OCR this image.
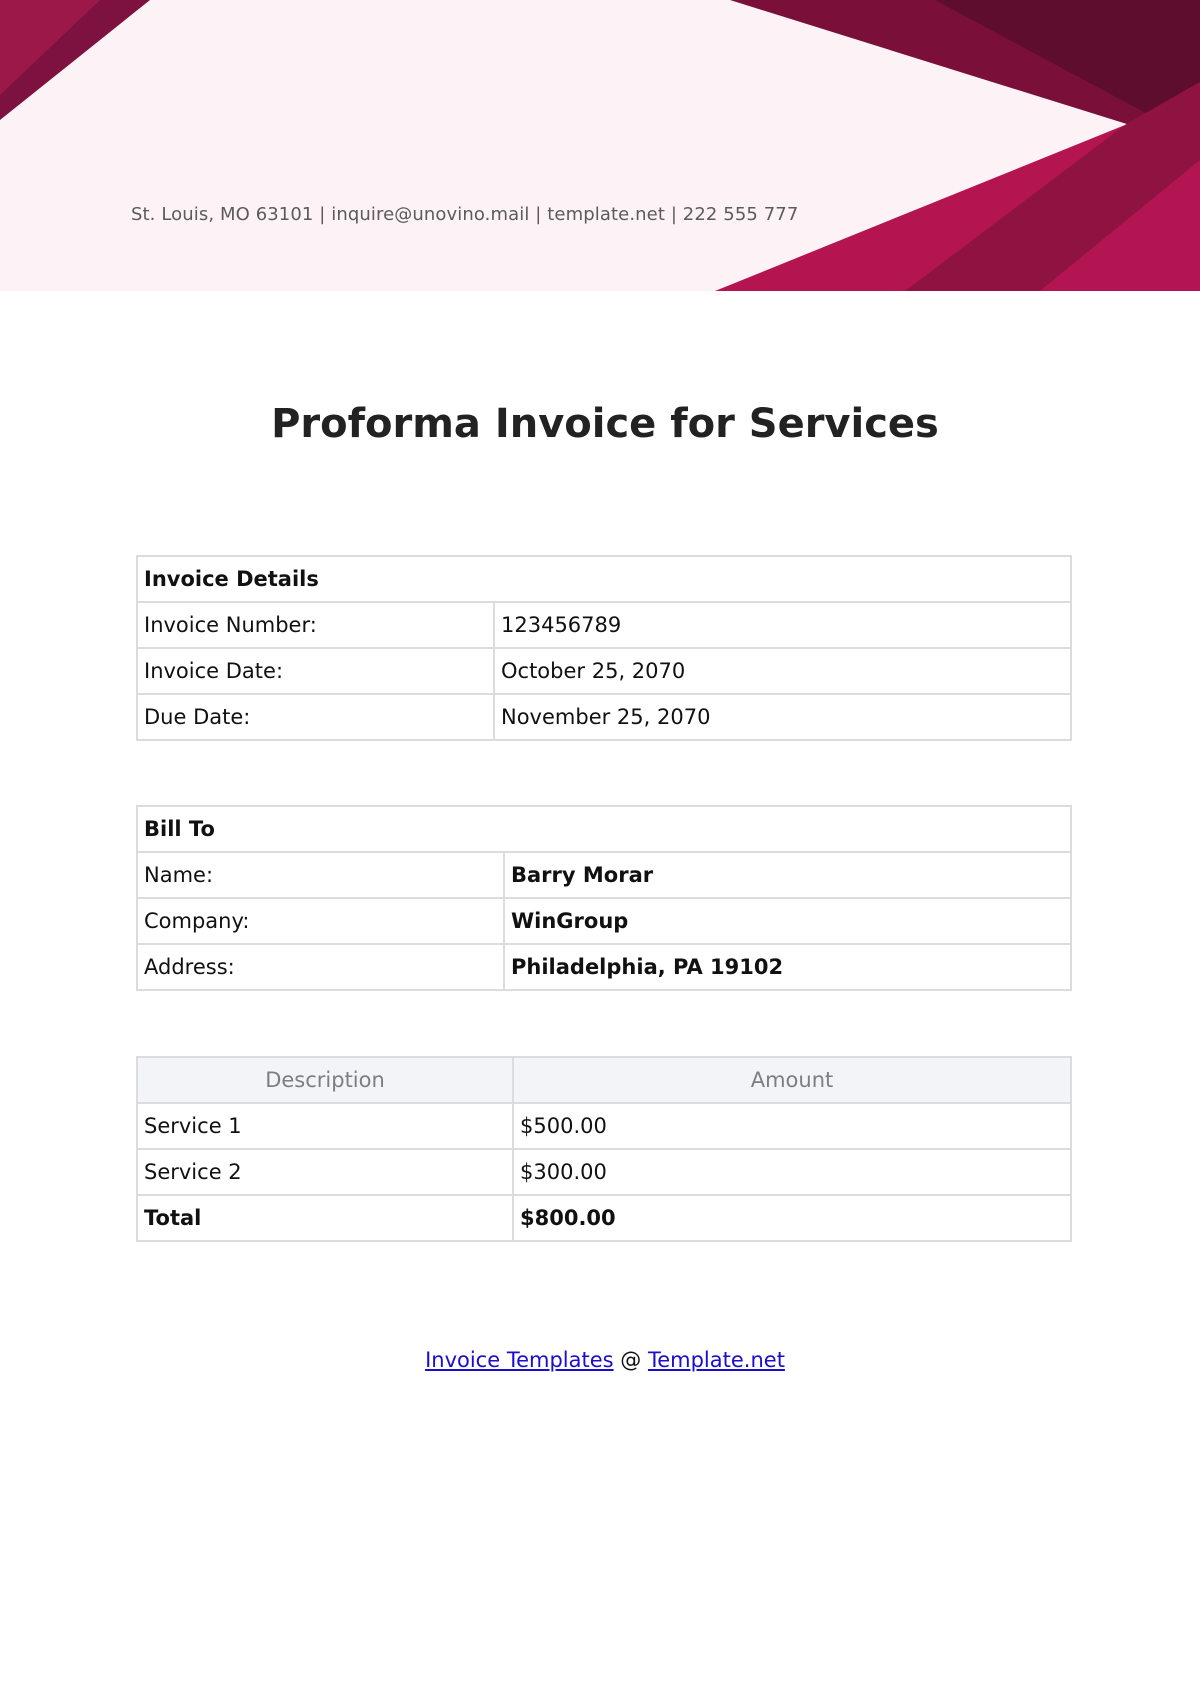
St. Louis, MO 63101 | inquire@unovino.mail | template.net | 222 555 777
Proforma Invoice for Services
Invoice Details	
Invoice Number:	123456789
Invoice Date:	October 25, 2070
Due Date:	November 25, 2070
Bill To	
Name:	Barry Morar
Company:	WinGroup
Address:	Philadelphia, PA 19102
Description	Amount
Service 1	$500.00
Service 2	$300.00
Total	$800.00
Invoice Templates @ Template.net
